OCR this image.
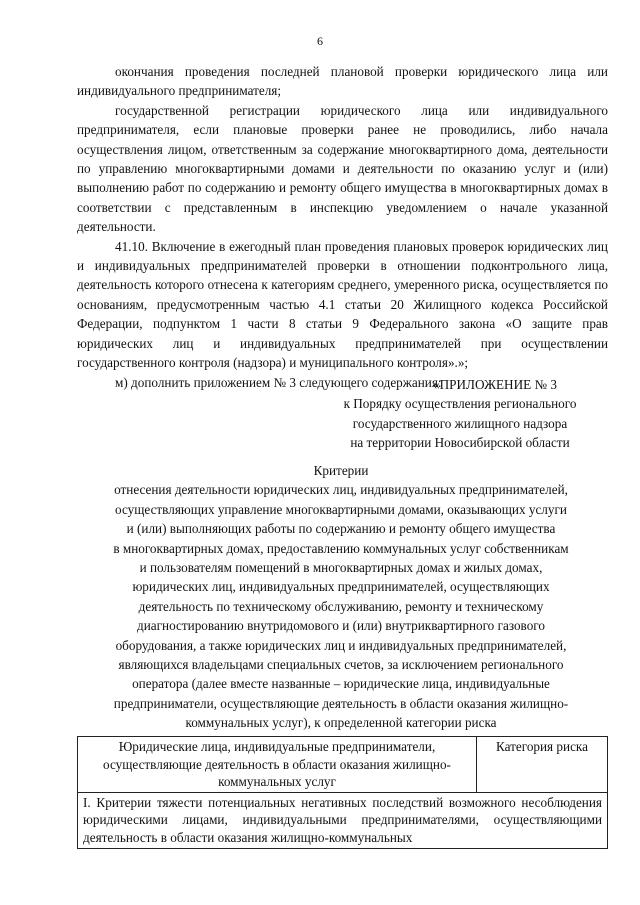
6

окончания проведения последней плановой проверки юридического лица или индивидуального предпринимателя;

государственной регистрации юридического лица или индивидуального предпринимателя, если плановые проверки ранее не проводились, либо начала осуществления лицом, ответственным за содержание многоквартирного дома, деятельности по управлению многоквартирными домами и деятельности по оказанию услуг и (или) выполнению работ по содержанию и ремонту общего имущества в многоквартирных домах в соответствии с представленным в инспекцию уведомлением о начале указанной деятельности.

41.10. Включение в ежегодный план проведения плановых проверок юридических лиц и индивидуальных предпринимателей проверки в отношении подконтрольного лица, деятельность которого отнесена к категориям среднего, умеренного риска, осуществляется по основаниям, предусмотренным частью 4.1 статьи 20 Жилищного кодекса Российской Федерации, подпунктом 1 части 8 статьи 9 Федерального закона «О защите прав юридических лиц и индивидуальных предпринимателей при осуществлении государственного контроля (надзора) и муниципального контроля».»;

м) дополнить приложением № 3 следующего содержания:

«ПРИЛОЖЕНИЕ № 3
к Порядку осуществления регионального
государственного жилищного надзора
на территории Новосибирской области
Критерии
отнесения деятельности юридических лиц, индивидуальных предпринимателей,
осуществляющих управление многоквартирными домами, оказывающих услуги
и (или) выполняющих работы по содержанию и ремонту общего имущества
в многоквартирных домах, предоставлению коммунальных услуг собственникам
и пользователям помещений в многоквартирных домах и жилых домах,
юридических лиц, индивидуальных предпринимателей, осуществляющих
деятельность по техническому обслуживанию, ремонту и техническому
диагностированию внутридомового и (или) внутриквартирного газового
оборудования, а также юридических лиц и индивидуальных предпринимателей,
являющихся владельцами специальных счетов, за исключением регионального
оператора (далее вместе названные – юридические лица, индивидуальные
предприниматели, осуществляющие деятельность в области оказания жилищно-
коммунальных услуг), к определенной категории риска
Юридические лица, индивидуальные предприниматели, осуществляющие деятельность в области оказания жилищно-коммунальных услуг	Категория риска
I. Критерии тяжести потенциальных негативных последствий возможного несоблюдения юридическими лицами, индивидуальными предпринимателями, осуществляющими деятельность в области оказания жилищно-коммунальных
